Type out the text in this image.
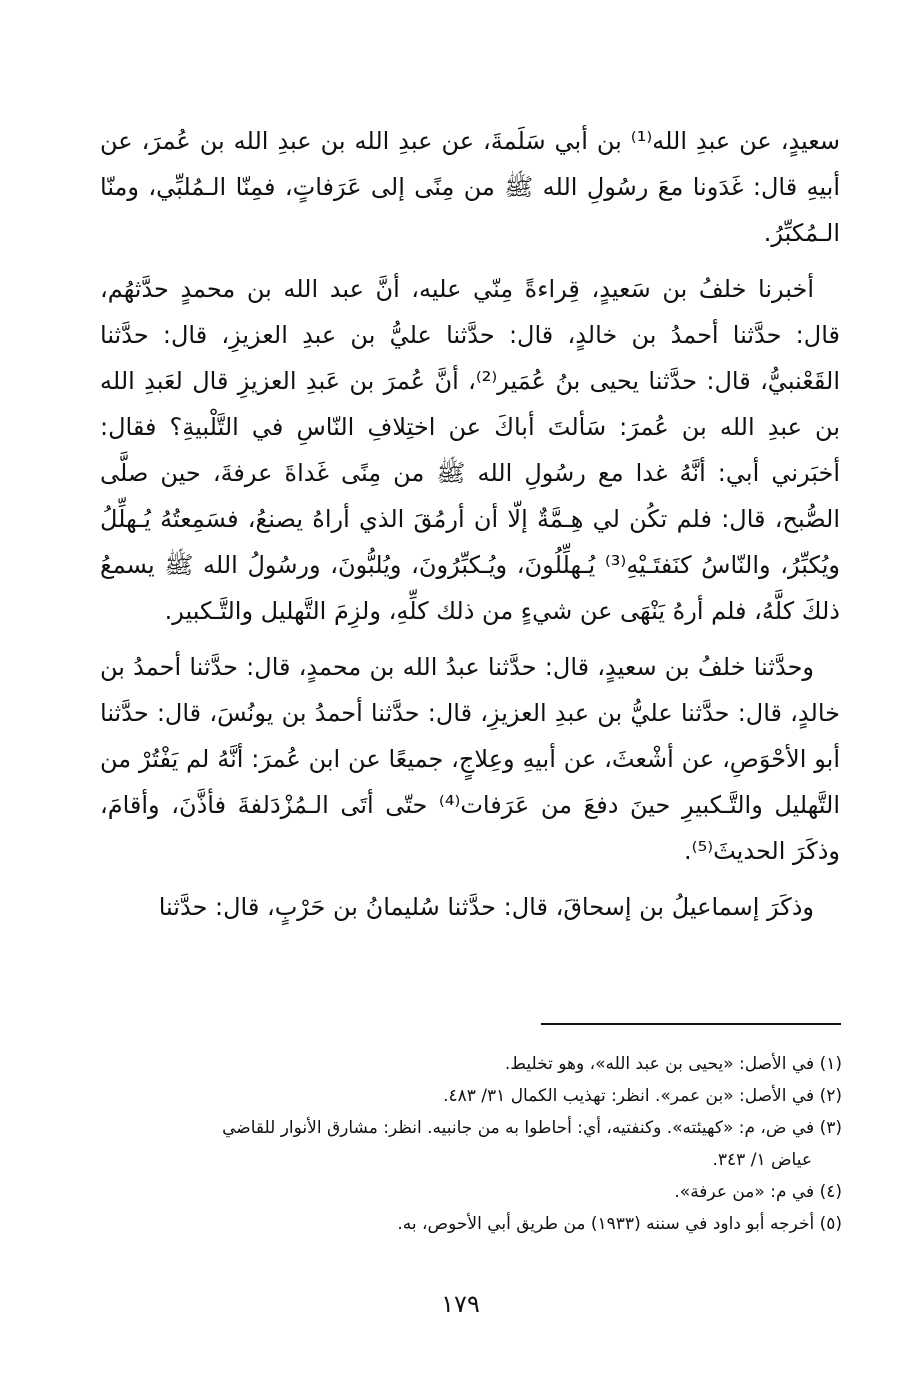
سعيدٍ، عن عبدِ الله⁽¹⁾ بن أبي سَلَمةَ، عن عبدِ الله بن عبدِ الله بن عُمرَ، عن أبيهِ قال: غَدَونا معَ رسُولِ الله ﷺ من مِنًى إلى عَرَفاتٍ، فمِنّا الـمُلبِّي، ومنّا الـمُكبِّرُ.

أخبرنا خلفُ بن سَعيدٍ، قِراءةً مِنّي عليه، أنَّ عبد الله بن محمدٍ حدَّثهُم، قال: حدَّثنا أحمدُ بن خالدٍ، قال: حدَّثنا عليُّ بن عبدِ العزيزِ، قال: حدَّثنا القَعْنبيُّ، قال: حدَّثنا يحيى بنُ عُمَير⁽²⁾، أنَّ عُمرَ بن عَبدِ العزيزِ قال لعَبدِ الله بن عبدِ الله بن عُمرَ: سَألتَ أباكَ عن اختِلافِ النّاسِ في التَّلْبيةِ؟ فقال: أخبَرني أبي: أنَّهُ غدا مع رسُولِ الله ﷺ من مِنًى غَداةَ عرفةَ، حين صلَّى الصُّبح، قال: فلم تكُن لي هِـمَّةٌ إلّا أن أرمُقَ الذي أراهُ يصنعُ، فسَمِعتُهُ يُـهلِّلُ ويُكبِّرُ، والنّاسُ كنَفتَـيْهِ⁽³⁾ يُـهلِّلُونَ، ويُـكبِّرُونَ، ويُلبُّونَ، ورسُولُ الله ﷺ يسمعُ ذلكَ كلَّهُ، فلم أرهُ يَنْهَى عن شيءٍ من ذلك كلِّهِ، ولزِمَ التَّهليل والتَّـكبير.

وحدَّثنا خلفُ بن سعيدٍ، قال: حدَّثنا عبدُ الله بن محمدٍ، قال: حدَّثنا أحمدُ بن خالدٍ، قال: حدَّثنا عليُّ بن عبدِ العزيزِ، قال: حدَّثنا أحمدُ بن يونُسَ، قال: حدَّثنا أبو الأحْوَصِ، عن أشْعثَ، عن أبيهِ وعِلاجٍ، جميعًا عن ابن عُمرَ: أنَّهُ لم يَفْتُرْ من التَّهليل والتَّـكبيرِ حينَ دفعَ من عَرَفات⁽⁴⁾ حتّى أتَى الـمُزْدَلفةَ فأذَّنَ، وأقامَ، وذكَرَ الحديثَ⁽⁵⁾.

وذكَرَ إسماعيلُ بن إسحاقَ، قال: حدَّثنا سُليمانُ بن حَرْبٍ، قال: حدَّثنا

(١) في الأصل: «يحيى بن عبد الله»، وهو تخليط.

(٢) في الأصل: «بن عمر». انظر: تهذيب الكمال ٣١/ ٤٨٣.

(٣) في ض، م: «كهيئته». وكنفتيه، أي: أحاطوا به من جانبيه. انظر: مشارق الأنوار للقاضي

عياض ١/ ٣٤٣.

(٤) في م: «من عرفة».

(٥) أخرجه أبو داود في سننه (١٩٣٣) من طريق أبي الأحوص، به.

١٧٩
